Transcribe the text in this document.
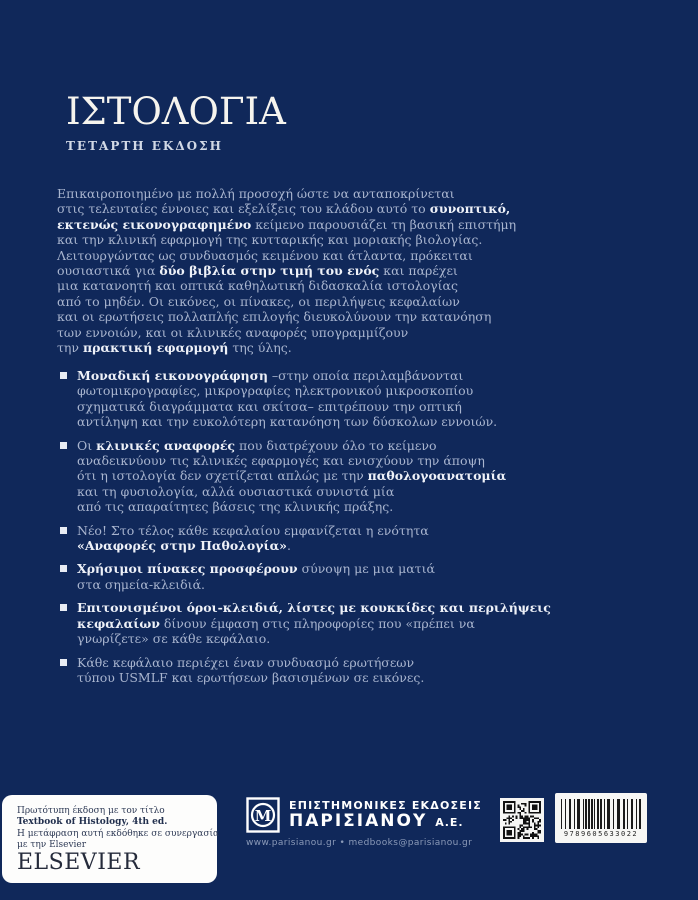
ΙΣΤΟΛΟΓΙΑ
ΤΕΤΑΡΤΗ ΕΚΔΟΣΗ
Επικαιροποιημένο με πολλή προσοχή ώστε να ανταποκρίνεται
στις τελευταίες έννοιες και εξελίξεις του κλάδου αυτό το συνοπτικό,
εκτενώς εικονογραφημένο κείμενο παρουσιάζει τη βασική επιστήμη
και την κλινική εφαρμογή της κυτταρικής και μοριακής βιολογίας.
Λειτουργώντας ως συνδυασμός κειμένου και άτλαντα, πρόκειται
ουσιαστικά για δύο βιβλία στην τιμή του ενός και παρέχει
μια κατανοητή και οπτικά καθηλωτική διδασκαλία ιστολογίας
από το μηδέν. Οι εικόνες, οι πίνακες, οι περιλήψεις κεφαλαίων
και οι ερωτήσεις πολλαπλής επιλογής διευκολύνουν την κατανόηση
των εννοιών, και οι κλινικές αναφορές υπογραμμίζουν
την πρακτική εφαρμογή της ύλης.
Μοναδική εικονογράφηση –στην οποία περιλαμβάνονται
φωτομικρογραφίες, μικρογραφίες ηλεκτρονικού μικροσκοπίου
σχηματικά διαγράμματα και σκίτσα– επιτρέπουν την οπτική
αντίληψη και την ευκολότερη κατανόηση των δύσκολων εννοιών.
Οι κλινικές αναφορές που διατρέχουν όλο το κείμενο
αναδεικνύουν τις κλινικές εφαρμογές και ενισχύουν την άποψη
ότι η ιστολογία δεν σχετίζεται απλώς με την παθολογοανατομία
και τη φυσιολογία, αλλά ουσιαστικά συνιστά μία
από τις απαραίτητες βάσεις της κλινικής πράξης.
Νέο! Στο τέλος κάθε κεφαλαίου εμφανίζεται η ενότητα
«Αναφορές στην Παθολογία».
Χρήσιμοι πίνακες προσφέρουν σύνοψη με μια ματιά
στα σημεία-κλειδιά.
Επιτονισμένοι όροι-κλειδιά, λίστες με κουκκίδες και περιλήψεις
κεφαλαίων δίνουν έμφαση στις πληροφορίες που «πρέπει να
γνωρίζετε» σε κάθε κεφάλαιο.
Κάθε κεφάλαιο περιέχει έναν συνδυασμό ερωτήσεων
τύπου USMLF και ερωτήσεων βασισμένων σε εικόνες.
Πρωτότυπη έκδοση με τον τίτλο
Textbook of Histology, 4th ed.
Η μετάφραση αυτή εκδόθηκε σε συνεργασία
με την Elsevier
ELSEVIER
M
ΕΠΙΣΤΗΜΟΝΙΚΕΣ ΕΚΔΟΣΕΙΣ
ΠΑΡΙΣΙΑΝΟΥ Α.Ε.
www.parisianou.gr • medbooks@parisianou.gr
9789605633022
